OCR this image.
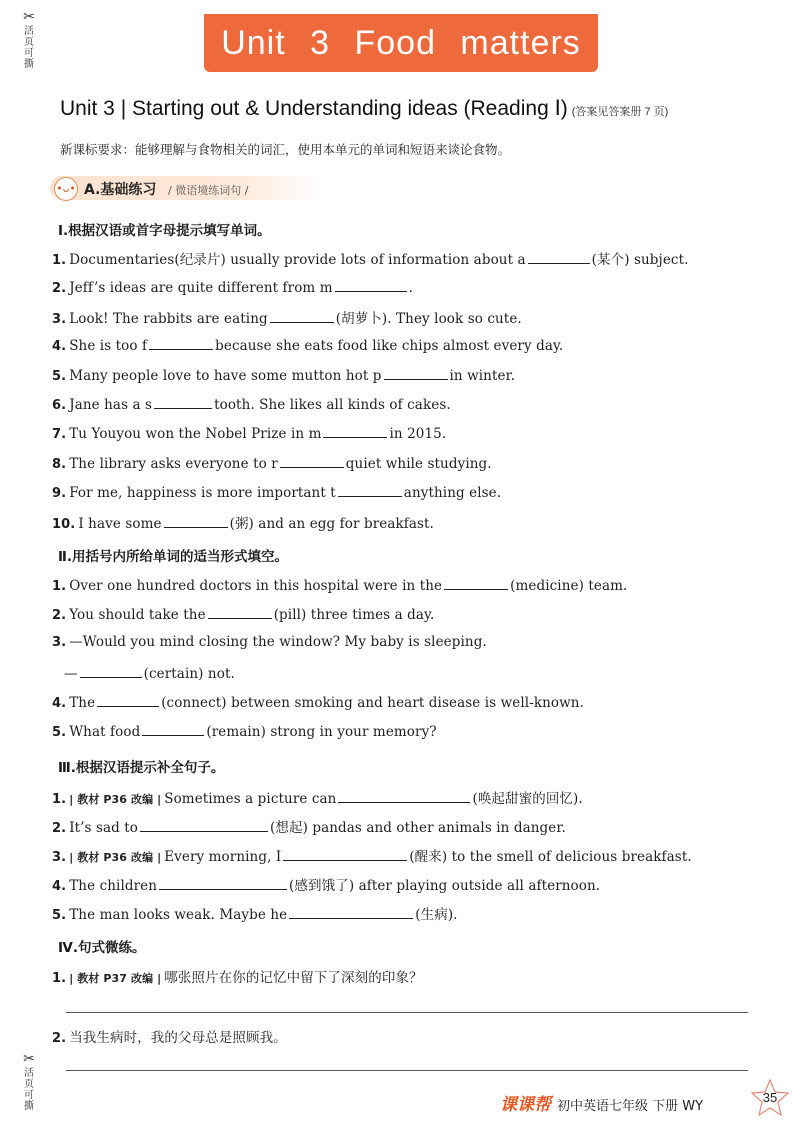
✂
活页可撕
✂
活页可撕
Unit 3 Food matters
Unit 3 | Starting out & Understanding ideas (Reading Ⅰ) (答案见答案册 7 页)
新课标要求：能够理解与食物相关的词汇，使用本单元的单词和短语来谈论食物。
•ᴗ• A.基础练习 / 微语境练词句 /
Ⅰ.根据汉语或首字母提示填写单词。
1. Documentaries(纪录片) usually provide lots of information about a	(某个) subject.
2. Jeff’s ideas are quite different from m	.
3. Look! The rabbits are eating	(胡萝卜). They look so cute.
4. She is too f	because she eats food like chips almost every day.
5. Many people love to have some mutton hot p	in winter.
6. Jane has a s	tooth. She likes all kinds of cakes.
7. Tu Youyou won the Nobel Prize in m	in 2015.
8. The library asks everyone to r	quiet while studying.
9. For me, happiness is more important t	anything else.
10. I have some	(粥) and an egg for breakfast.
Ⅱ.用括号内所给单词的适当形式填空。
1. Over one hundred doctors in this hospital were in the	(medicine) team.
2. You should take the	(pill) three times a day.
3. —Would you mind closing the window? My baby is sleeping.
—	(certain) not.
4. The	(connect) between smoking and heart disease is well-known.
5. What food	(remain) strong in your memory?
Ⅲ.根据汉语提示补全句子。
1. | 教材 P36 改编 | Sometimes a picture can	(唤起甜蜜的回忆).
2. It’s sad to	(想起) pandas and other animals in danger.
3. | 教材 P36 改编 | Every morning, I	(醒来) to the smell of delicious breakfast.
4. The children	(感到饿了) after playing outside all afternoon.
5. The man looks weak. Maybe he	(生病).
Ⅳ.句式微练。
1. | 教材 P37 改编 | 哪张照片在你的记忆中留下了深刻的印象？
2. 当我生病时，我的父母总是照顾我。
课课帮 初中英语七年级 下册 WY
35
